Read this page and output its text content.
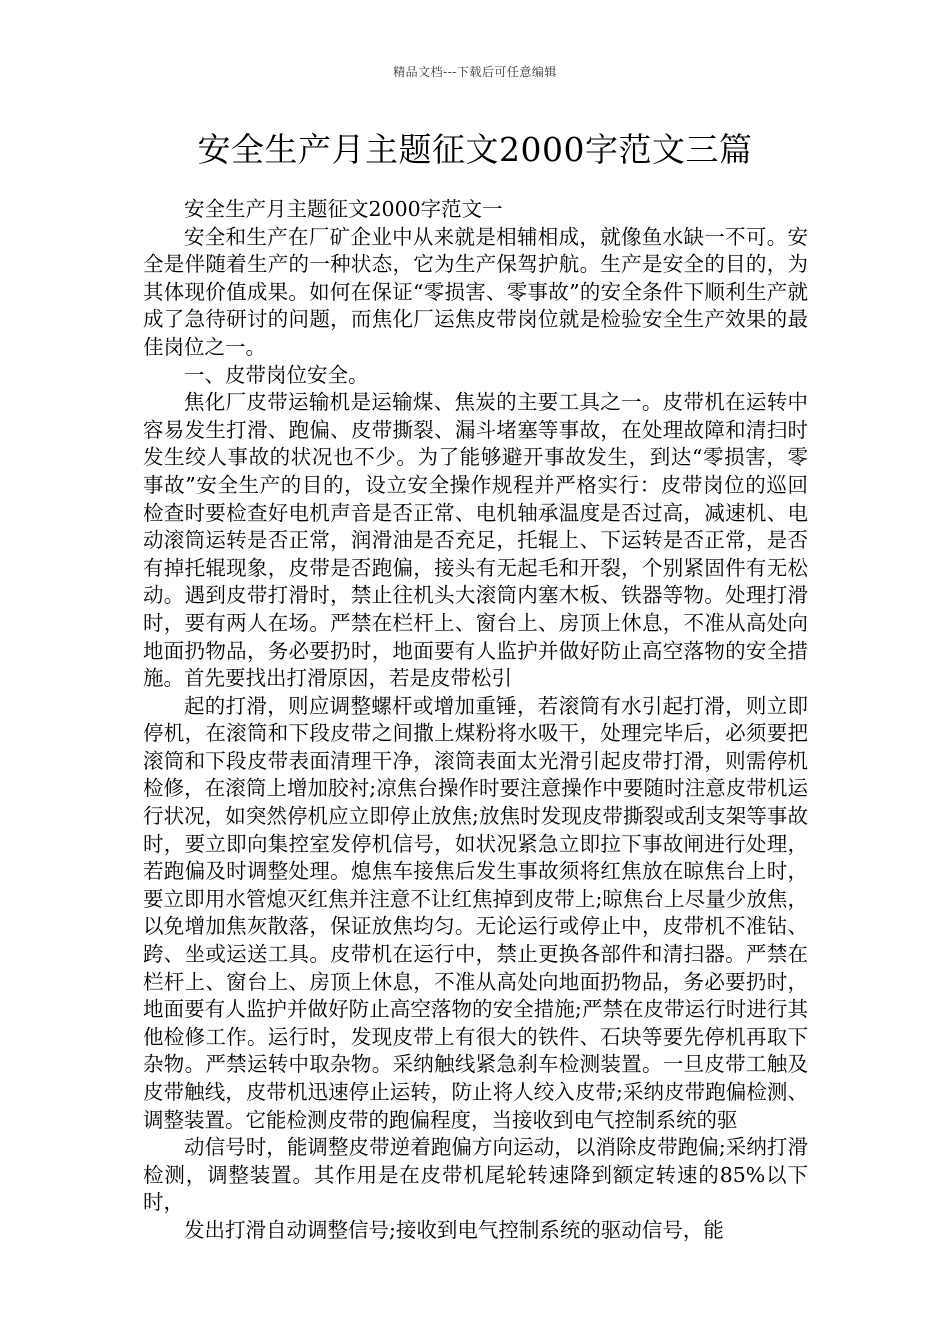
精品文档---下载后可任意编辑
安全生产月主题征文2000字范文三篇

安全生产月主题征文2000字范文一

安全和生产在厂矿企业中从来就是相辅相成，就像鱼水缺一不可。安全是伴随着生产的一种状态，它为生产保驾护航。生产是安全的目的，为其体现价值成果。如何在保证“零损害、零事故”的安全条件下顺利生产就成了急待研讨的问题，而焦化厂运焦皮带岗位就是检验安全生产效果的最佳岗位之一。

一、皮带岗位安全。

焦化厂皮带运输机是运输煤、焦炭的主要工具之一。皮带机在运转中容易发生打滑、跑偏、皮带撕裂、漏斗堵塞等事故，在处理故障和清扫时发生绞人事故的状况也不少。为了能够避开事故发生，到达“零损害，零事故”安全生产的目的，设立安全操作规程并严格实行：皮带岗位的巡回检查时要检查好电机声音是否正常、电机轴承温度是否过高，减速机、电动滚筒运转是否正常，润滑油是否充足，托辊上、下运转是否正常，是否有掉托辊现象，皮带是否跑偏，接头有无起毛和开裂，个别紧固件有无松动。遇到皮带打滑时，禁止往机头大滚筒内塞木板、铁器等物。处理打滑时，要有两人在场。严禁在栏杆上、窗台上、房顶上休息，不准从高处向地面扔物品，务必要扔时，地面要有人监护并做好防止高空落物的安全措施。首先要找出打滑原因，若是皮带松引

起的打滑，则应调整螺杆或增加重锤，若滚筒有水引起打滑，则立即停机，在滚筒和下段皮带之间撒上煤粉将水吸干，处理完毕后，必须要把滚筒和下段皮带表面清理干净，滚筒表面太光滑引起皮带打滑，则需停机检修，在滚筒上增加胶衬;凉焦台操作时要注意操作中要随时注意皮带机运行状况，如突然停机应立即停止放焦;放焦时发现皮带撕裂或刮支架等事故时，要立即向集控室发停机信号，如状况紧急立即拉下事故闸进行处理，若跑偏及时调整处理。熄焦车接焦后发生事故须将红焦放在晾焦台上时，要立即用水管熄灭红焦并注意不让红焦掉到皮带上;晾焦台上尽量少放焦，以免增加焦灰散落，保证放焦均匀。无论运行或停止中，皮带机不准钻、跨、坐或运送工具。皮带机在运行中，禁止更换各部件和清扫器。严禁在栏杆上、窗台上、房顶上休息，不准从高处向地面扔物品，务必要扔时，地面要有人监护并做好防止高空落物的安全措施;严禁在皮带运行时进行其他检修工作。运行时，发现皮带上有很大的铁件、石块等要先停机再取下杂物。严禁运转中取杂物。采纳触线紧急刹车检测装置。一旦皮带工触及皮带触线，皮带机迅速停止运转，防止将人绞入皮带;采纳皮带跑偏检测、调整装置。它能检测皮带的跑偏程度，当接收到电气控制系统的驱

动信号时，能调整皮带逆着跑偏方向运动，以消除皮带跑偏;采纳打滑检测，调整装置。其作用是在皮带机尾轮转速降到额定转速的85%以下时，

发出打滑自动调整信号;接收到电气控制系统的驱动信号，能
